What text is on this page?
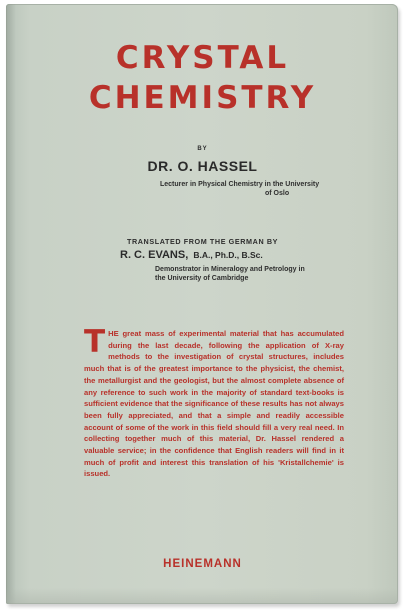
CRYSTAL
CHEMISTRY
BY
DR. O. HASSEL
Lecturer in Physical Chemistry in the University
of Oslo
TRANSLATED FROM THE GERMAN BY
R. C. EVANS, B.A., Ph.D., B.Sc.
Demonstrator in Mineralogy and Petrology in
the University of Cambridge
THE great mass of experimental material that has accumulated during the last decade, following the application of X-ray methods to the investigation of crystal structures, includes much that is of the greatest importance to the physicist, the chemist, the metallurgist and the geologist, but the almost complete absence of any reference to such work in the majority of standard text-books is sufficient evidence that the significance of these results has not always been fully appreciated, and that a simple and readily accessible account of some of the work in this field should fill a very real need. In collecting together much of this material, Dr. Hassel rendered a valuable service; in the confidence that English readers will find in it much of profit and interest this translation of his 'Kristallchemie' is issued.
HEINEMANN
